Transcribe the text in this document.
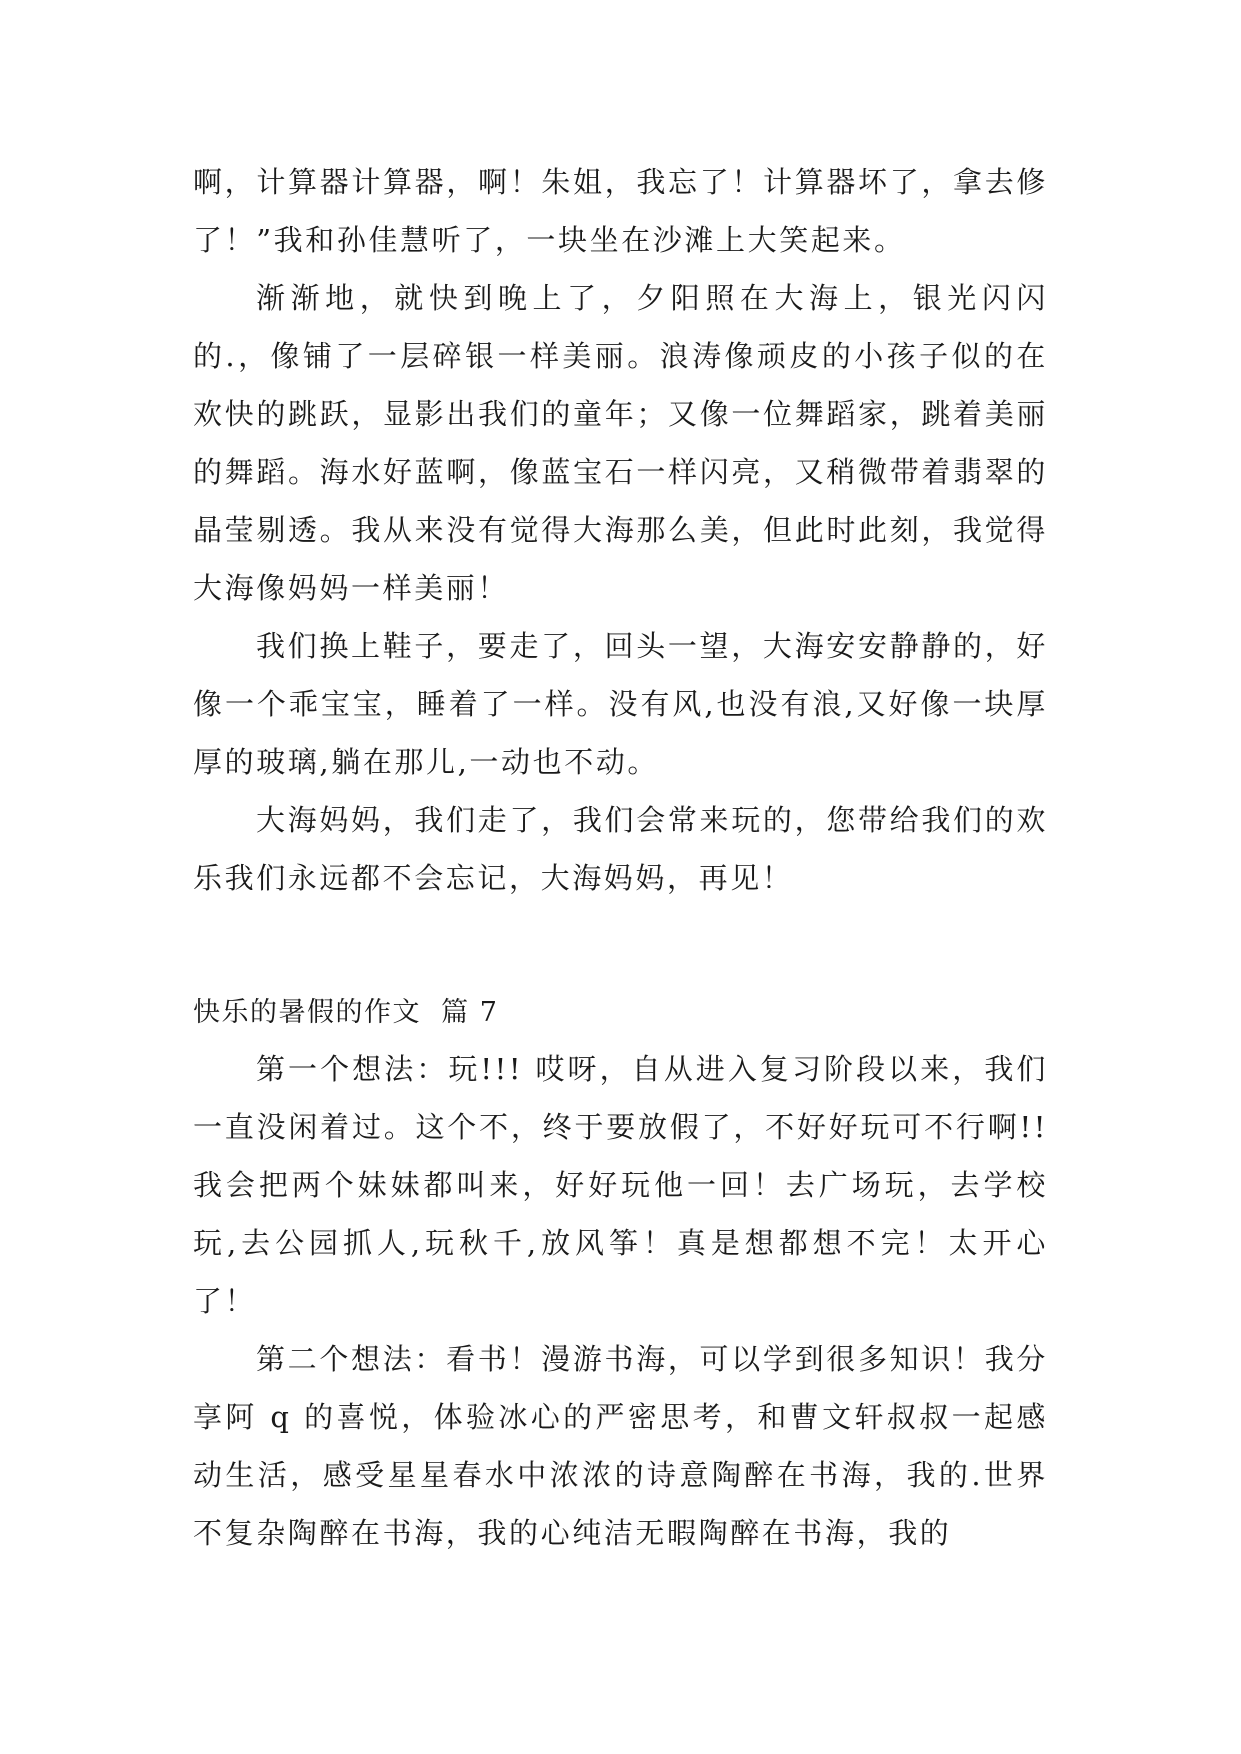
啊，计算器计算器，啊！朱姐，我忘了！计算器坏了，拿去修了！”我和孙佳慧听了，一块坐在沙滩上大笑起来。

渐渐地，就快到晚上了，夕阳照在大海上，银光闪闪的.，像铺了一层碎银一样美丽。浪涛像顽皮的小孩子似的在欢快的跳跃，显影出我们的童年；又像一位舞蹈家，跳着美丽的舞蹈。海水好蓝啊，像蓝宝石一样闪亮，又稍微带着翡翠的晶莹剔透。我从来没有觉得大海那么美，但此时此刻，我觉得大海像妈妈一样美丽！

我们换上鞋子，要走了，回头一望，大海安安静静的，好像一个乖宝宝，睡着了一样。没有风,也没有浪,又好像一块厚厚的玻璃,躺在那儿,一动也不动。

大海妈妈，我们走了，我们会常来玩的，您带给我们的欢乐我们永远都不会忘记，大海妈妈，再见！

快乐的暑假的作文  篇 7

第一个想法：玩!!! 哎呀，自从进入复习阶段以来，我们一直没闲着过。这个不，终于要放假了，不好好玩可不行啊!! 我会把两个妹妹都叫来，好好玩他一回！去广场玩，去学校玩,去公园抓人,玩秋千,放风筝！真是想都想不完！太开心了！

第二个想法：看书！漫游书海，可以学到很多知识！我分享阿 q 的喜悦，体验冰心的严密思考，和曹文轩叔叔一起感动生活，感受星星春水中浓浓的诗意陶醉在书海，我的.世界不复杂陶醉在书海，我的心纯洁无暇陶醉在书海，我的
